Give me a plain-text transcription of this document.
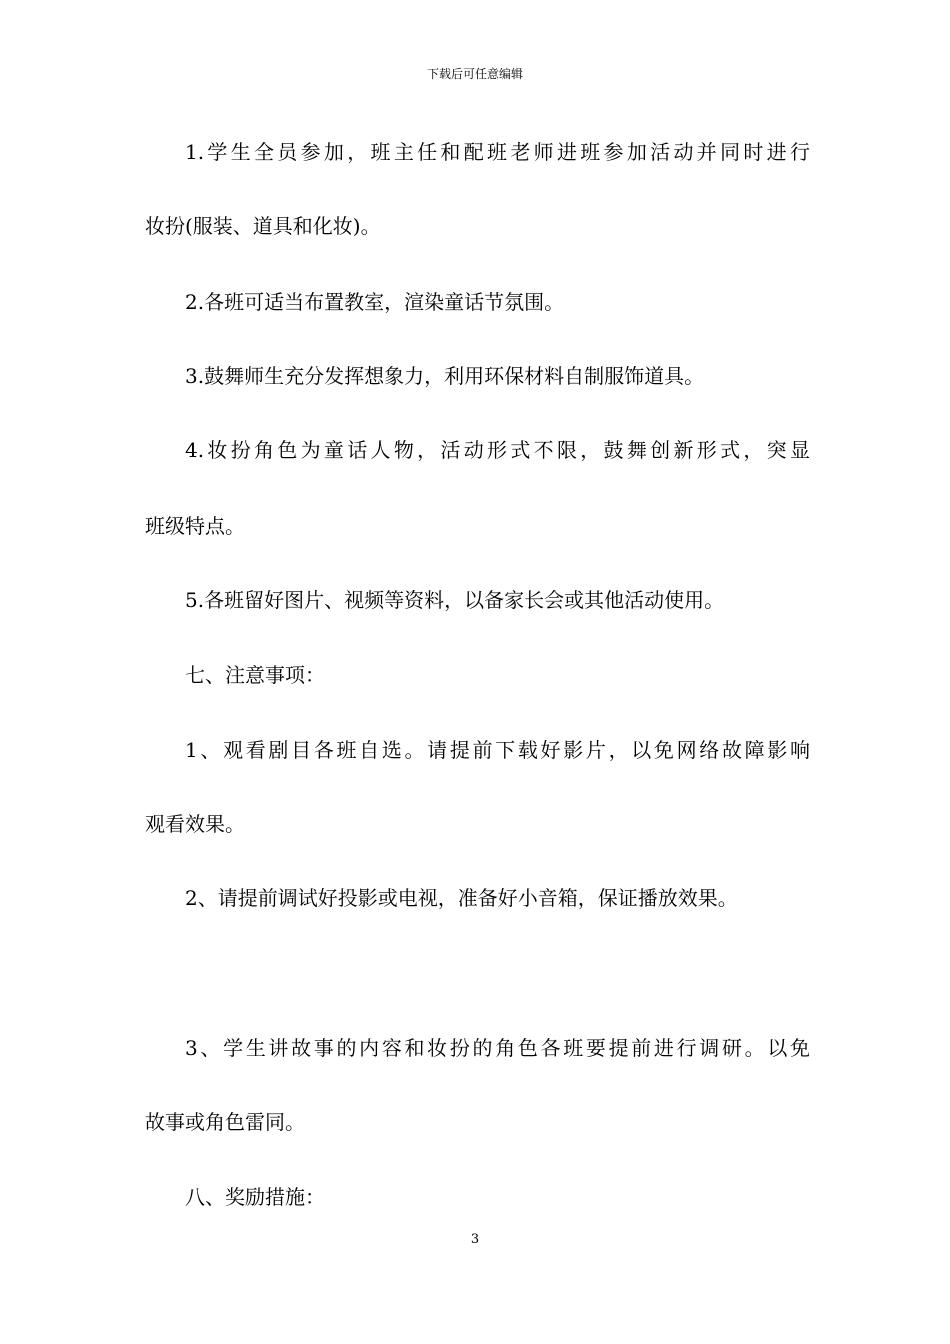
下载后可任意编辑
1.学生全员参加，班主任和配班老师进班参加活动并同时进行
妆扮(服装、道具和化妆)。
2.各班可适当布置教室，渲染童话节氛围。
3.鼓舞师生充分发挥想象力，利用环保材料自制服饰道具。
4.妆扮角色为童话人物，活动形式不限，鼓舞创新形式，突显
班级特点。
5.各班留好图片、视频等资料，以备家长会或其他活动使用。
七、注意事项：
1、观看剧目各班自选。请提前下载好影片，以免网络故障影响
观看效果。
2、请提前调试好投影或电视，准备好小音箱，保证播放效果。
3、学生讲故事的内容和妆扮的角色各班要提前进行调研。以免
故事或角色雷同。
八、奖励措施：
3
